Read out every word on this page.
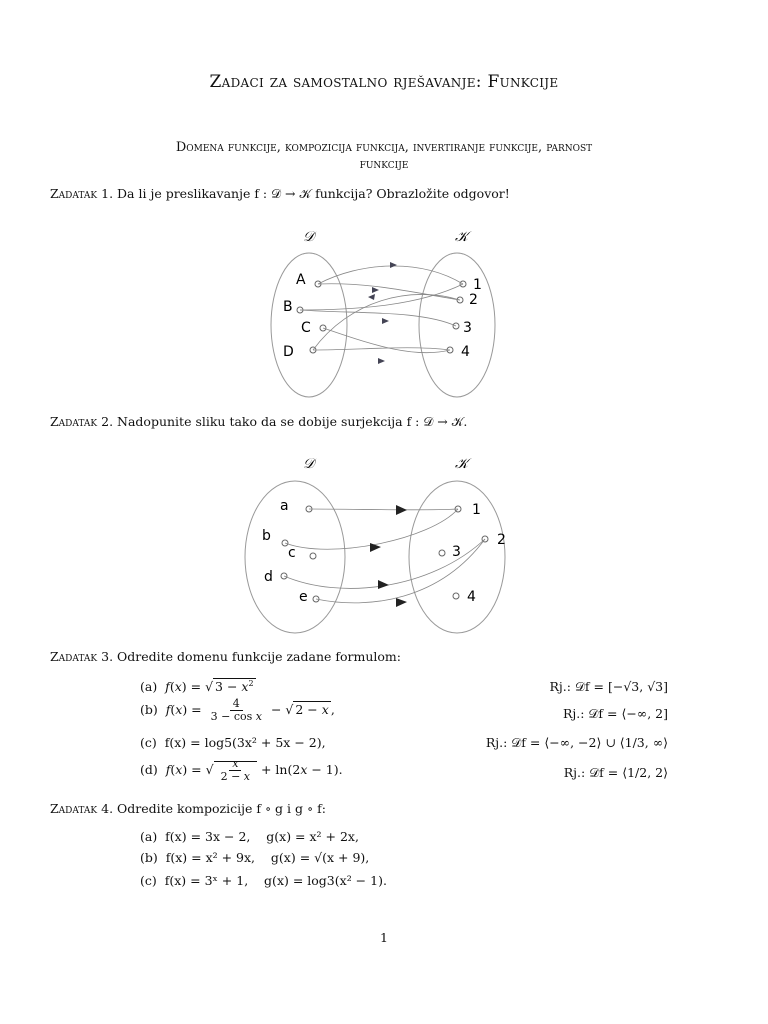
Zadaci za samostalno rješavanje: Funkcije
Domena funkcije, kompozicija funkcija, invertiranje funkcije, parnost
funkcije
Zadatak 1. Da li je preslikavanje f : 𝒟 → 𝒦 funkcija? Obrazložite odgovor!
𝒟	𝒦
A
B
C
D
1
2
3
4
𝒟	𝒦
a
b
c
d
e
1
2
3
4
Zadatak 2. Nadopunite sliku tako da se dobije surjekcija f : 𝒟 → 𝒦.
Zadatak 3. Odredite domenu funkcije zadane formulom:
(a) f(x) = √ $3 - x^2$	Rj.: 𝒟f = [−√3, √3]
(b) $f(x) = \frac{4}{\text{3 − cos x}}$ − √ 2 − x ,	Rj.: 𝒟f = ⟨−∞, 2]
(c) f(x) = log5(3x² + 5x − 2),	Rj.: 𝒟f = ⟨−∞, −2⟩ ∪ ⟨1/3, ∞⟩
(d) f(x) = √ $\frac{x}{2 - x} + \ln(2x - 1)$.	Rj.: 𝒟f = ⟨1/2, 2⟩
Zadatak 4. Odredite kompozicije f ∘ g i g ∘ f:
(a) f(x) = 3x − 2,    g(x) = x² + 2x,
(b) f(x) = x² + 9x,    g(x) = √(x + 9),
(c) f(x) = 3ˣ + 1,    g(x) = log3(x² − 1).
1
